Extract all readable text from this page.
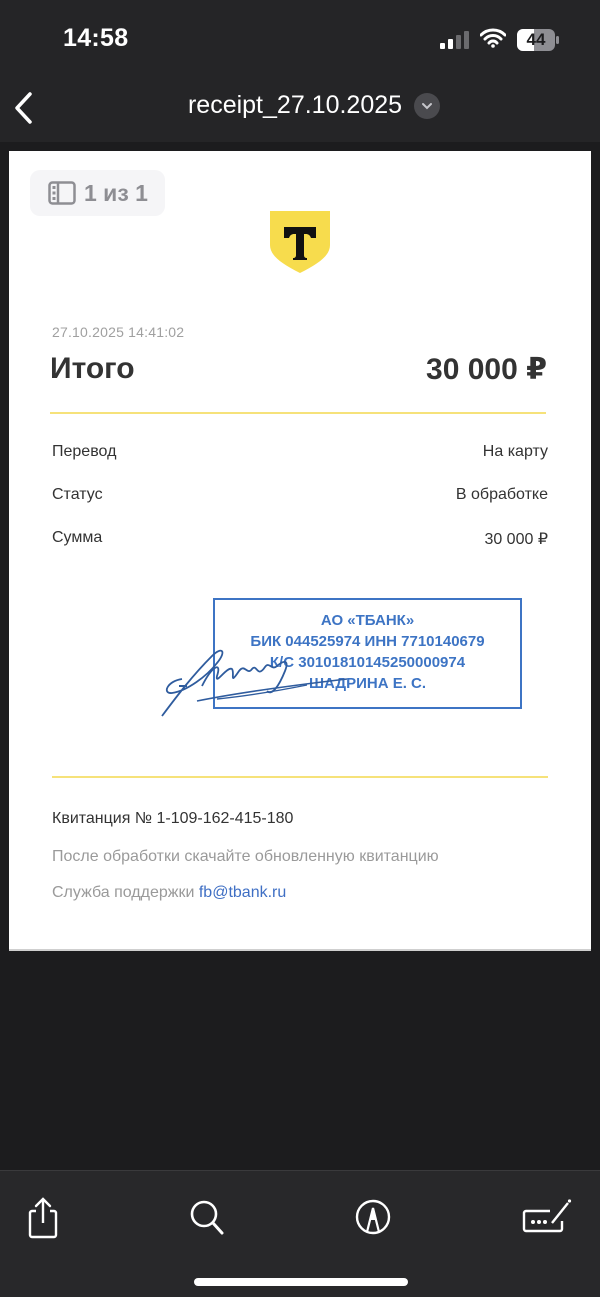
14:58	44
receipt_27.10.2025
1 из 1
27.10.2025 14:41:02
Итого	30 000 ₽
Перевод	На карту
Статус	В обработке
Сумма	30 000 ₽
АО «ТБАНК»
БИК 044525974 ИНН 7710140679
К/С 30101810145250000974
ШАДРИНА Е. С.
Квитанция № 1-109-162-415-180
После обработки скачайте обновленную квитанцию
Служба поддержки fb@tbank.ru
